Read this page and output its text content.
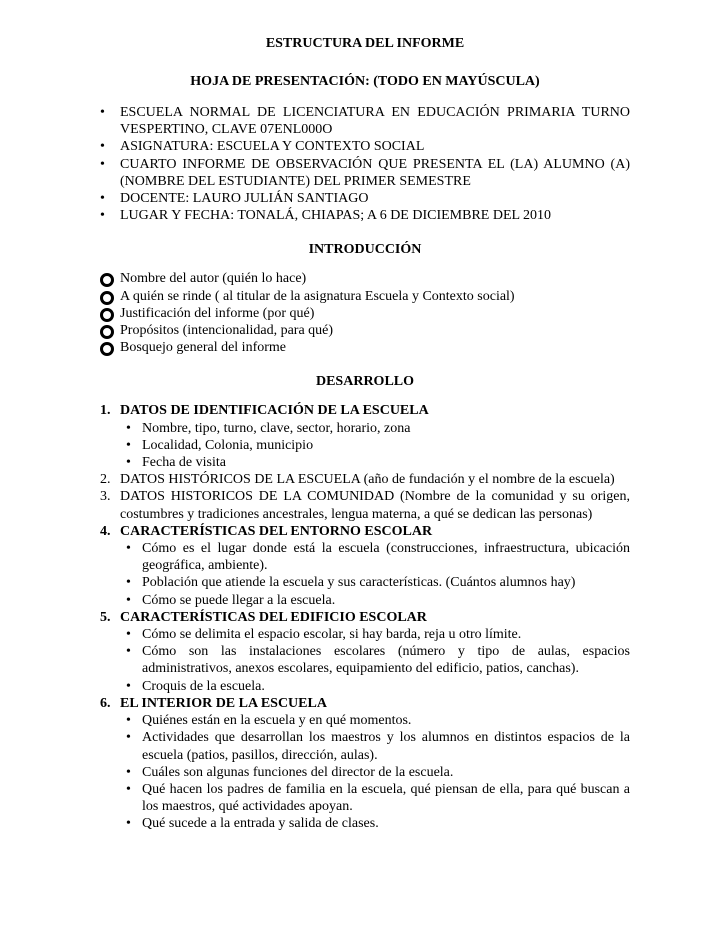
ESTRUCTURA DEL INFORME
HOJA DE PRESENTACIÓN: (TODO EN MAYÚSCULA)
• ESCUELA NORMAL DE LICENCIATURA EN EDUCACIÓN PRIMARIA TURNO VESPERTINO, CLAVE 07ENL000O
• ASIGNATURA: ESCUELA Y CONTEXTO SOCIAL
• CUARTO INFORME DE OBSERVACIÓN QUE PRESENTA EL (LA) ALUMNO (A) (NOMBRE DEL ESTUDIANTE) DEL PRIMER SEMESTRE
• DOCENTE: LAURO JULIÁN SANTIAGO
• LUGAR Y FECHA: TONALÁ, CHIAPAS; A 6 DE DICIEMBRE DEL 2010
INTRODUCCIÓN
Nombre del autor (quién lo hace)
A quién se rinde ( al titular de la asignatura Escuela y Contexto social)
Justificación del informe (por qué)
Propósitos (intencionalidad, para qué)
Bosquejo general del informe
DESARROLLO
1. DATOS DE IDENTIFICACIÓN DE LA ESCUELA
• Nombre, tipo, turno, clave, sector, horario, zona
• Localidad, Colonia, municipio
• Fecha de visita
2. DATOS HISTÓRICOS DE LA ESCUELA (año de fundación y el nombre de la escuela)
3. DATOS HISTORICOS DE LA COMUNIDAD (Nombre de la comunidad y su origen, costumbres y tradiciones ancestrales, lengua materna, a qué se dedican las personas)
4. CARACTERÍSTICAS DEL ENTORNO ESCOLAR
• Cómo es el lugar donde está la escuela (construcciones, infraestructura, ubicación geográfica, ambiente).
• Población que atiende la escuela y sus características. (Cuántos alumnos hay)
• Cómo se puede llegar a la escuela.
5. CARACTERÍSTICAS DEL EDIFICIO ESCOLAR
• Cómo se delimita el espacio escolar, si hay barda, reja u otro límite.
• Cómo son las instalaciones escolares (número y tipo de aulas, espacios administrativos, anexos escolares, equipamiento del edificio, patios, canchas).
• Croquis de la escuela.
6. EL INTERIOR DE LA ESCUELA
• Quiénes están en la escuela y en qué momentos.
• Actividades que desarrollan los maestros y los alumnos en distintos espacios de la escuela (patios, pasillos, dirección, aulas).
• Cuáles son algunas funciones del director de la escuela.
• Qué hacen los padres de familia en la escuela, qué piensan de ella, para qué buscan a los maestros, qué actividades apoyan.
• Qué sucede a la entrada y salida de clases.
